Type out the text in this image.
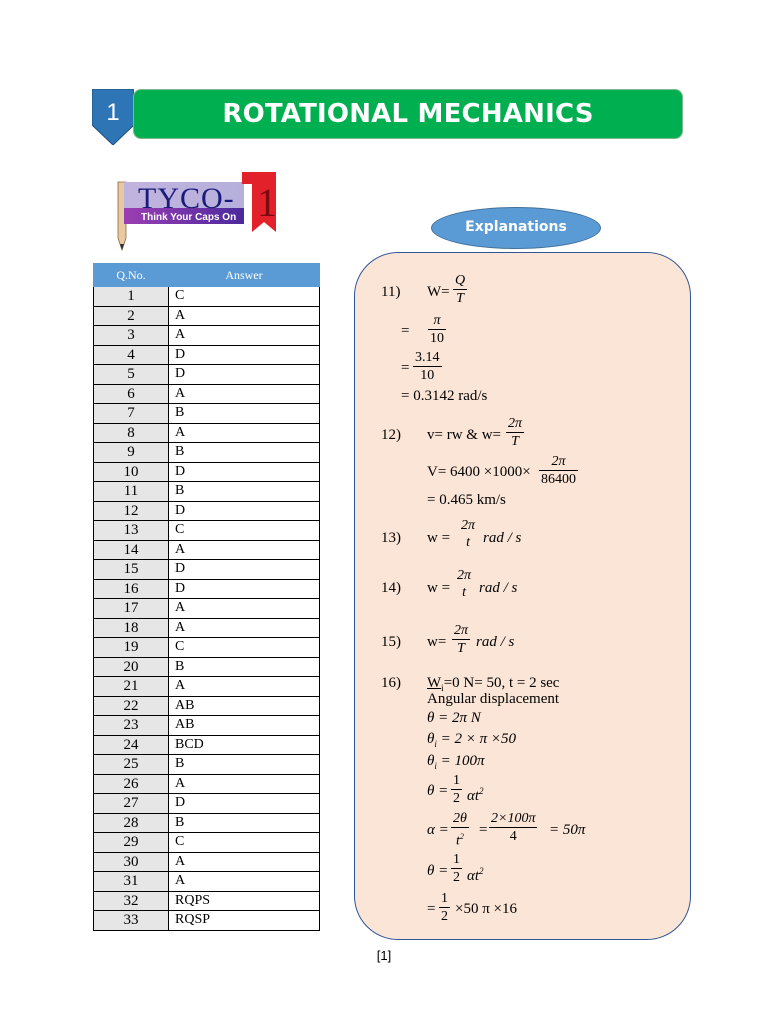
1	ROTATIONAL MECHANICS
1
TYCO-
Think Your Caps On
Q.No.	Answer
1	C
2	A
3	A
4	D
5	D
6	A
7	B
8	A
9	B
10	D
11	B
12	D
13	C
14	A
15	D
16	D
17	A
18	A
19	C
20	B
21	A
22	AB
23	AB
24	BCD
25	B
26	A
27	D
28	B
29	C
30	A
31	A
32	RQPS
33	RQSP
Explanations
11) $W= \frac{Q}{T}$
= $\frac{\pi}{10}$
= $\frac{3.14}{10}$
= 0.3142 rad/s
12) v= rw & $w= \frac{2\pi}{T}$
$V= 6400 \times 1000\times \frac{2\pi}{86400}$
= 0.465 km/s
13) w =
2π
t rad / s
14) w =
2π
t rad / s
15) $w= \frac{2\pi}{T}$ rad / s
16) $W_i=0$ N= 50, t = 2 sec
Angular displacement
θ = 2π N
$\theta_i = 2 \times \pi \times 50$
$\theta_i = 100\pi$
$\theta = \frac{1}{2} \alpha t^2$
$\alpha = \frac{2\theta}{t^2} = \frac{2\times 100\pi}{4} = 50\pi$
$\theta = \frac{1}{2} \alpha t^2$
= $\frac{1}{2} \times 50$ π ×16
[1]
